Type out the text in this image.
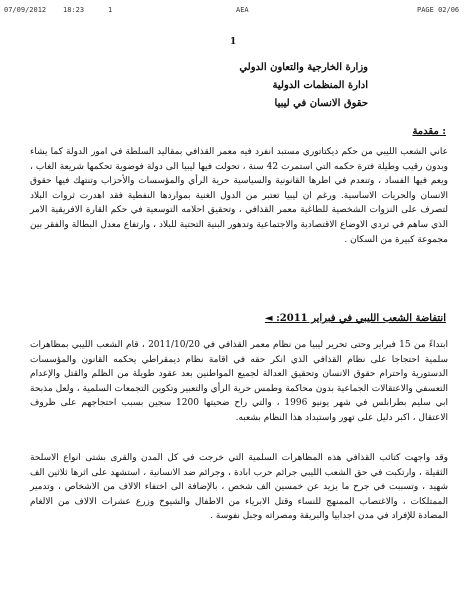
07/09/2012 18:23	1	AEA	PAGE 02/06
1
وزارة الخارجية والتعاون الدولي
ادارة المنظمات الدولية
حقوق الانسان في ليبيا
: مقدمة
عاني الشعب الليبي من حكم ديكتاتوري مستبد انفرد فيه معمر القذافي بمقاليد السلطة في امور الدولة كما يشاء وبدون رقيب وطيلة فترة حكمه التي استمرت 42 سنة ، تحولت فيها ليبيا الى دولة فوضوية تحكمها شريعة الغاب ، ويعم فيها الفساد ، وتنعدم في اطرها القانونية والسياسية حرية الرأي والمؤسسات والأحزاب وتنتهك فيها حقوق الانسان والحريات الاساسية. ورغم ان ليبيا تعتبر من الدول الغنية بمواردها النفطية فقد اهدرت ثروات البلاد لتصرف على النزوات الشخصية للطاغية معمر القذافي ، وتحقيق احلامه التوسعية في حكم القارة الافريقية الامر الذي ساهم في تردي الاوضاع الاقتصادية والاجتماعية وتدهور البنية التحتية للبلاد ، وارتفاع معدل البطالة والفقر بين مجموعة كبيرة من السكان .
انتفاضة الشعب الليبي في فبراير 2011: ◄
ابتداءً من 15 فبراير وحتى تحرير ليبيا من نظام معمر القذافي في 2011/10/20 ، قام الشعب الليبي بمظاهرات سلمية احتجاجا على نظام القذافي الذي انكر حقه في اقامة نظام ديمقراطي يحكمه القانون والمؤسسات الدستورية واحترام حقوق الانسان وتحقيق العدالة لجميع المواطنين بعد عقود طويلة من الظلم والقتل والإعدام التعسفي والاعتقالات الجماعية بدون محاكمة وطمس حرية الرأي والتعبير وتكوين التجمعات السلمية ، ولعل مذبحة ابي سليم بطرابلس في شهر يونيو 1996 ، والتي راح ضحيتها 1200 سجين بسبب احتجاجهم على ظروف الاعتقال ، اكبر دليل على تهور واستبداد هذا النظام بشعبه.
وقد واجهت كتائب القذافي هذه المظاهرات السلمية التي خرجت في كل المدن والقرى بشتى انواع الاسلحة الثقيلة ، وارتكبت في حق الشعب الليبي جرائم حرب ابادة ، وجرائم ضد الانسانية ، استشهد على اثرها ثلاثين الف شهيد ، وتسببت في جرح ما يزيد عن خمسين الف شخص ، بالإضافة الى اختفاء الالاف من الاشخاص ، وتدمير الممتلكات ، والاغتصاب الممنهج للنساء وقتل الابرياء من الاطفال والشيوخ وزرع عشرات الالاف من الالغام المضادة للإفراد في مدن اجدابيا والبريقة ومصراته وجبل نفوسة .
